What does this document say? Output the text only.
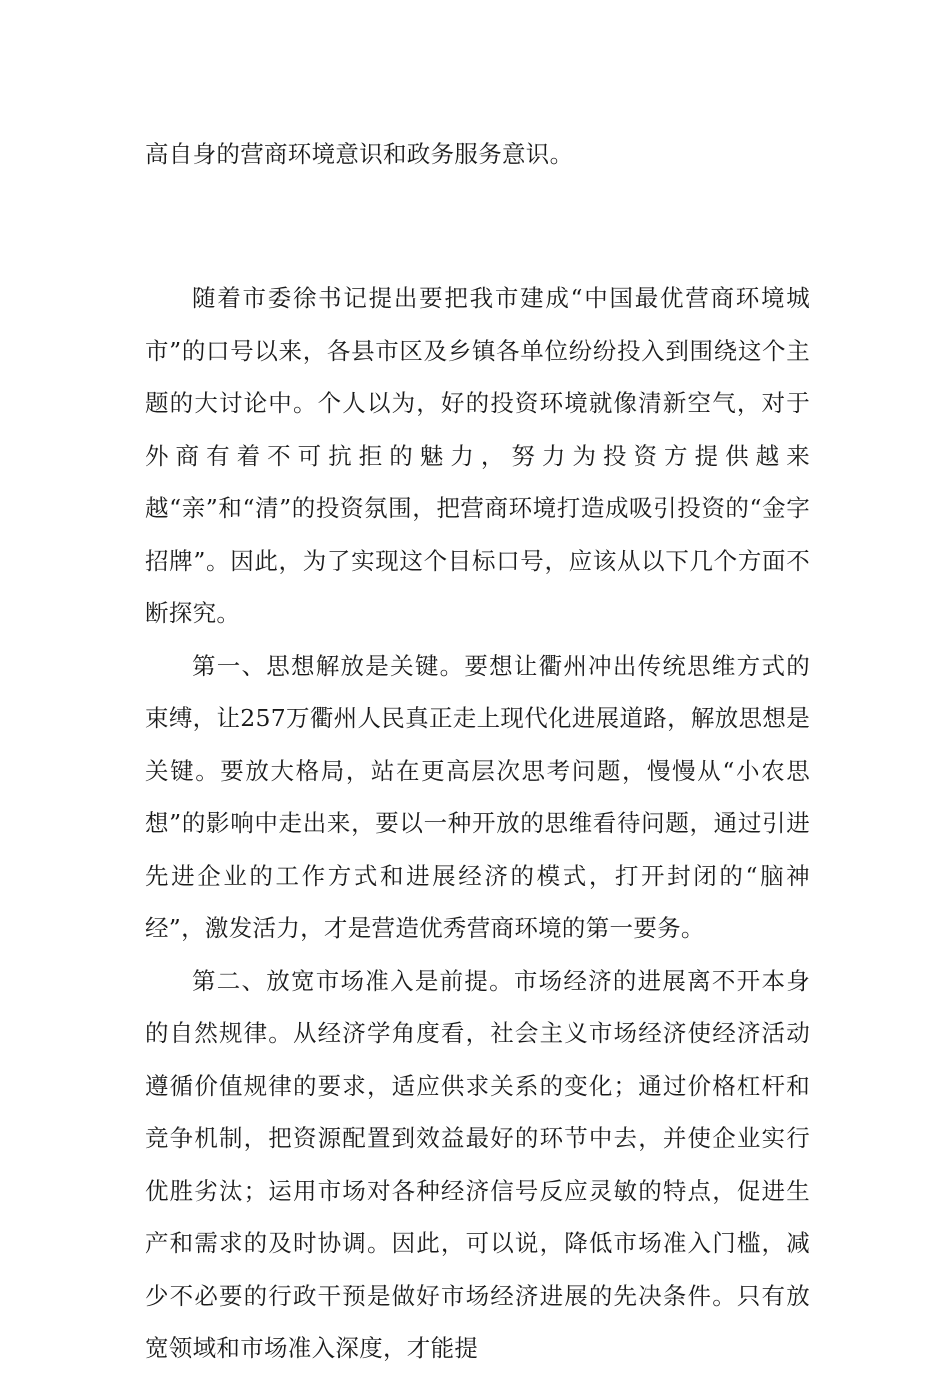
高自身的营商环境意识和政务服务意识。

随着市委徐书记提出要把我市建成“中国最优营商环境城市”的口号以来，各县市区及乡镇各单位纷纷投入到围绕这个主题的大讨论中。个人以为，好的投资环境就像清新空气，对于外商有着不可抗拒的魅力，努力为投资方提供越来越“亲”和“清”的投资氛围，把营商环境打造成吸引投资的“金字招牌”。因此，为了实现这个目标口号，应该从以下几个方面不断探究。

第一、思想解放是关键。要想让衢州冲出传统思维方式的束缚，让257万衢州人民真正走上现代化进展道路，解放思想是关键。要放大格局，站在更高层次思考问题，慢慢从“小农思想”的影响中走出来，要以一种开放的思维看待问题，通过引进先进企业的工作方式和进展经济的模式，打开封闭的“脑神经”，激发活力，才是营造优秀营商环境的第一要务。

第二、放宽市场准入是前提。市场经济的进展离不开本身的自然规律。从经济学角度看，社会主义市场经济使经济活动遵循价值规律的要求，适应供求关系的变化；通过价格杠杆和竞争机制，把资源配置到效益最好的环节中去，并使企业实行优胜劣汰；运用市场对各种经济信号反应灵敏的特点，促进生产和需求的及时协调。因此，可以说，降低市场准入门槛，减少不必要的行政干预是做好市场经济进展的先决条件。只有放宽领域和市场准入深度，才能提
